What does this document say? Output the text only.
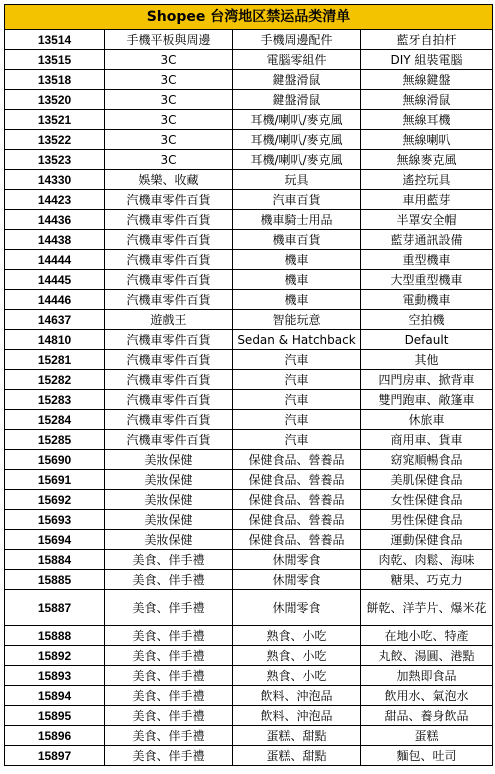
Shopee 台湾地区禁运品类清单			
13514	手機平板與周邊	手機周邊配件	藍牙自拍杆
13515	3C	電腦零組件	DIY 組裝電腦
13518	3C	鍵盤滑鼠	無線鍵盤
13520	3C	鍵盤滑鼠	無線滑鼠
13521	3C	耳機/喇叭/麥克風	無線耳機
13522	3C	耳機/喇叭/麥克風	無線喇叭
13523	3C	耳機/喇叭/麥克風	無線麥克風
14330	娛樂、收藏	玩具	遙控玩具
14423	汽機車零件百貨	汽車百貨	車用藍芽
14436	汽機車零件百貨	機車騎士用品	半罩安全帽
14438	汽機車零件百貨	機車百貨	藍芽通訊設備
14444	汽機車零件百貨	機車	重型機車
14445	汽機車零件百貨	機車	大型重型機車
14446	汽機車零件百貨	機車	電動機車
14637	遊戲王	智能玩意	空拍機
14810	汽機車零件百貨	Sedan & Hatchback	Default
15281	汽機車零件百貨	汽車	其他
15282	汽機車零件百貨	汽車	四門房車、掀背車
15283	汽機車零件百貨	汽車	雙門跑車、敞篷車
15284	汽機車零件百貨	汽車	休旅車
15285	汽機車零件百貨	汽車	商用車、貨車
15690	美妝保健	保健食品、營養品	窈窕順暢食品
15691	美妝保健	保健食品、營養品	美肌保健食品
15692	美妝保健	保健食品、營養品	女性保健食品
15693	美妝保健	保健食品、營養品	男性保健食品
15694	美妝保健	保健食品、營養品	運動保健食品
15884	美食、伴手禮	休閒零食	肉乾、肉鬆、海味
15885	美食、伴手禮	休閒零食	糖果、巧克力
15887	美食、伴手禮	休閒零食	餅乾、洋芋片、爆米花
15888	美食、伴手禮	熟食、小吃	在地小吃、特產
15892	美食、伴手禮	熟食、小吃	丸餃、湯圓、港點
15893	美食、伴手禮	熟食、小吃	加熱即食品
15894	美食、伴手禮	飲料、沖泡品	飲用水、氣泡水
15895	美食、伴手禮	飲料、沖泡品	甜品、養身飲品
15896	美食、伴手禮	蛋糕、甜點	蛋糕
15897	美食、伴手禮	蛋糕、甜點	麵包、吐司
